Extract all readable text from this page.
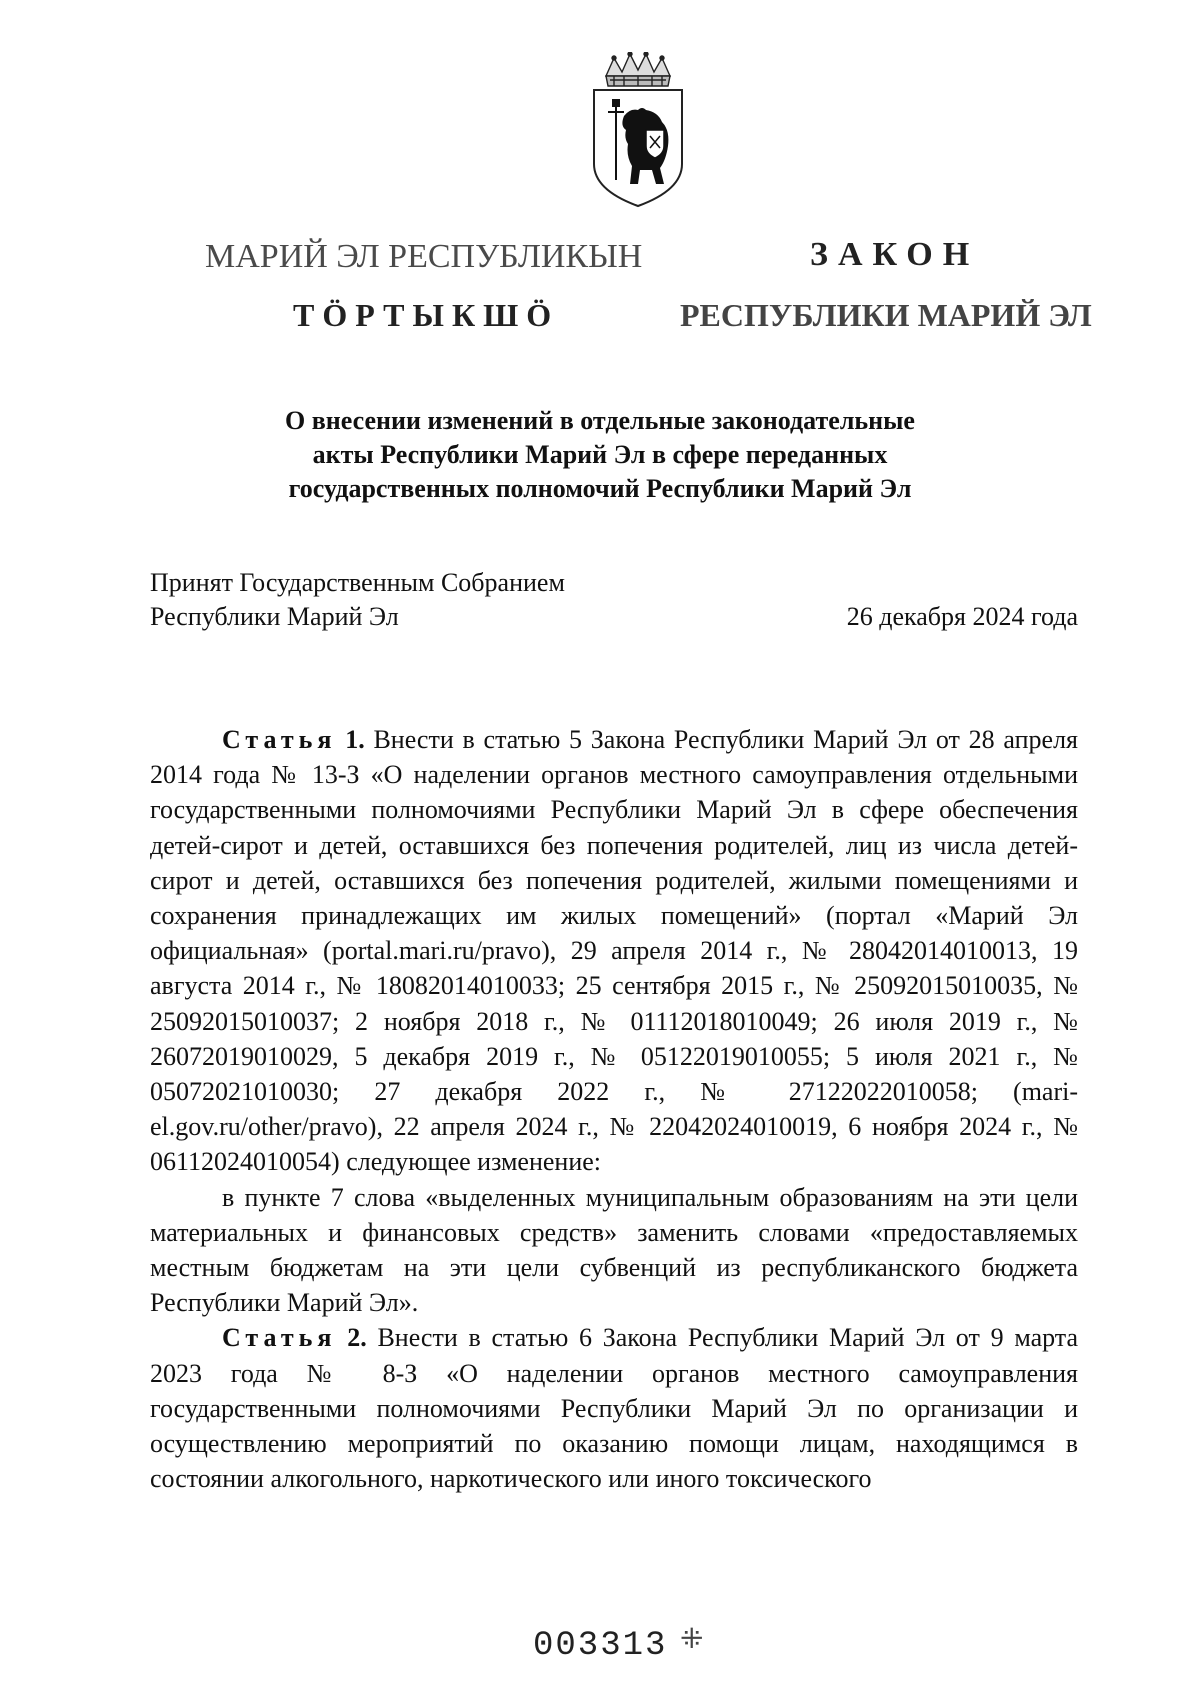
МАРИЙ ЭЛ РЕСПУБЛИКЫН
ТӦРТЫКШӦ
ЗАКОН
РЕСПУБЛИКИ МАРИЙ ЭЛ
О внесении изменений в отдельные законодательные
акты Республики Марий Эл в сфере переданных
государственных полномочий Республики Марий Эл
Принят Государственным Собранием
Республики Марий Эл	26 декабря 2024 года

Статья 1. Внести в статью 5 Закона Республики Марий Эл от 28 апреля 2014 года № 13-З «О наделении органов местного самоуправления отдельными государственными полномочиями Республики Марий Эл в сфере обеспечения детей-сирот и детей, оставшихся без попечения родителей, лиц из числа детей-сирот и детей, оставшихся без попечения родителей, жилыми помещениями и сохранения принадлежащих им жилых помещений» (портал «Марий Эл официальная» (portal.mari.ru/pravo), 29 апреля 2014 г., № 28042014010013, 19 августа 2014 г., № 18082014010033; 25 сентября 2015 г., № 25092015010035, № 25092015010037; 2 ноября 2018 г., № 01112018010049; 26 июля 2019 г., № 26072019010029, 5 декабря 2019 г., № 05122019010055; 5 июля 2021 г., № 05072021010030; 27 декабря 2022 г., № 27122022010058; (mari-el.gov.ru/other/pravo), 22 апреля 2024 г., № 22042024010019, 6 ноября 2024 г., № 06112024010054) следующее изменение:

в пункте 7 слова «выделенных муниципальным образованиям на эти цели материальных и финансовых средств» заменить словами «предоставляемых местным бюджетам на эти цели субвенций из республиканского бюджета Республики Марий Эл».

Статья 2. Внести в статью 6 Закона Республики Марий Эл от 9 марта 2023 года № 8-З «О наделении органов местного самоуправления государственными полномочиями Республики Марий Эл по организации и осуществлению мероприятий по оказанию помощи лицам, находящимся в состоянии алкогольного, наркотического или иного токсического

003313 ⁜
